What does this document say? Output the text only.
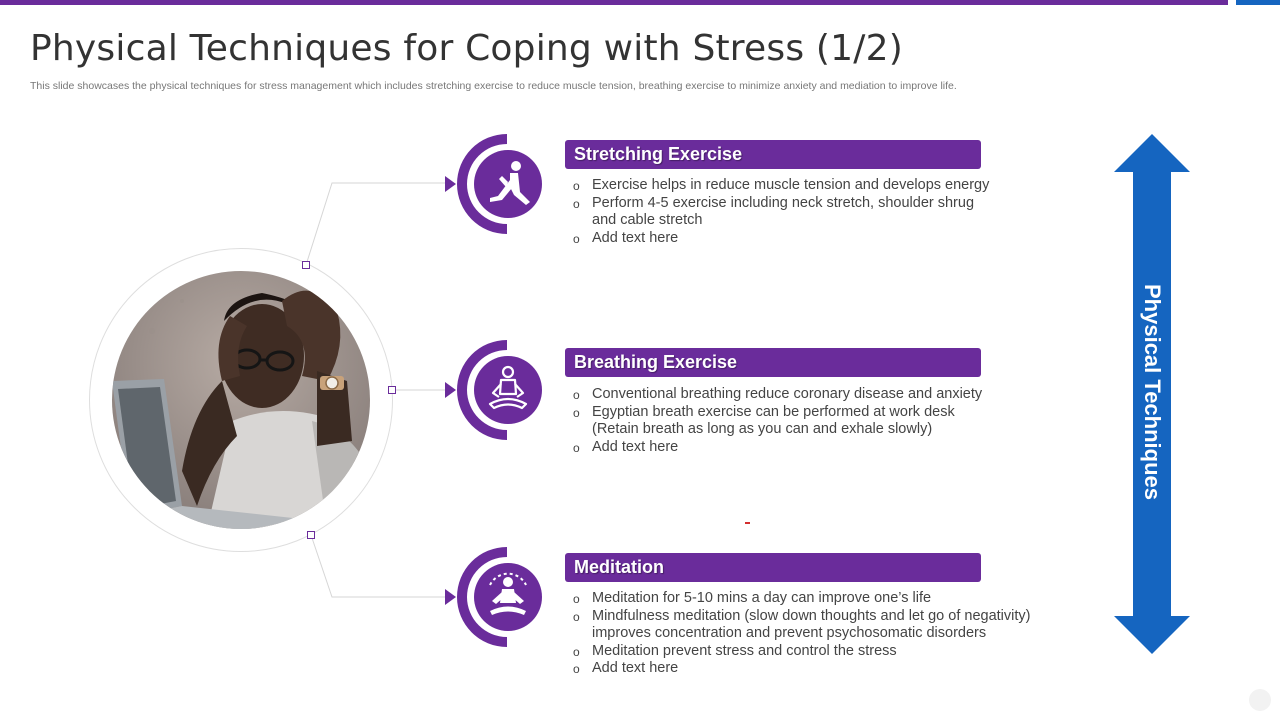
Physical Techniques for Coping with Stress (1/2)
This slide showcases the physical techniques for stress management which includes stretching exercise to reduce muscle tension, breathing exercise to minimize anxiety and mediation to improve life.
Stretching Exercise
o Exercise helps in reduce muscle tension and develops energy
o Perform 4-5 exercise including neck stretch, shoulder shrug and cable stretch
o Add text here
Breathing Exercise
o Conventional breathing reduce coronary disease and anxiety
o Egyptian breath exercise can be performed at work desk (Retain breath as long as you can and exhale slowly)
o Add text here
Meditation
o Meditation for 5-10 mins a day can improve one’s life
o Mindfulness meditation (slow down thoughts and let go of negativity) improves concentration and prevent psychosomatic disorders
o Meditation prevent stress and control the stress
o Add text here
Physical Techniques
